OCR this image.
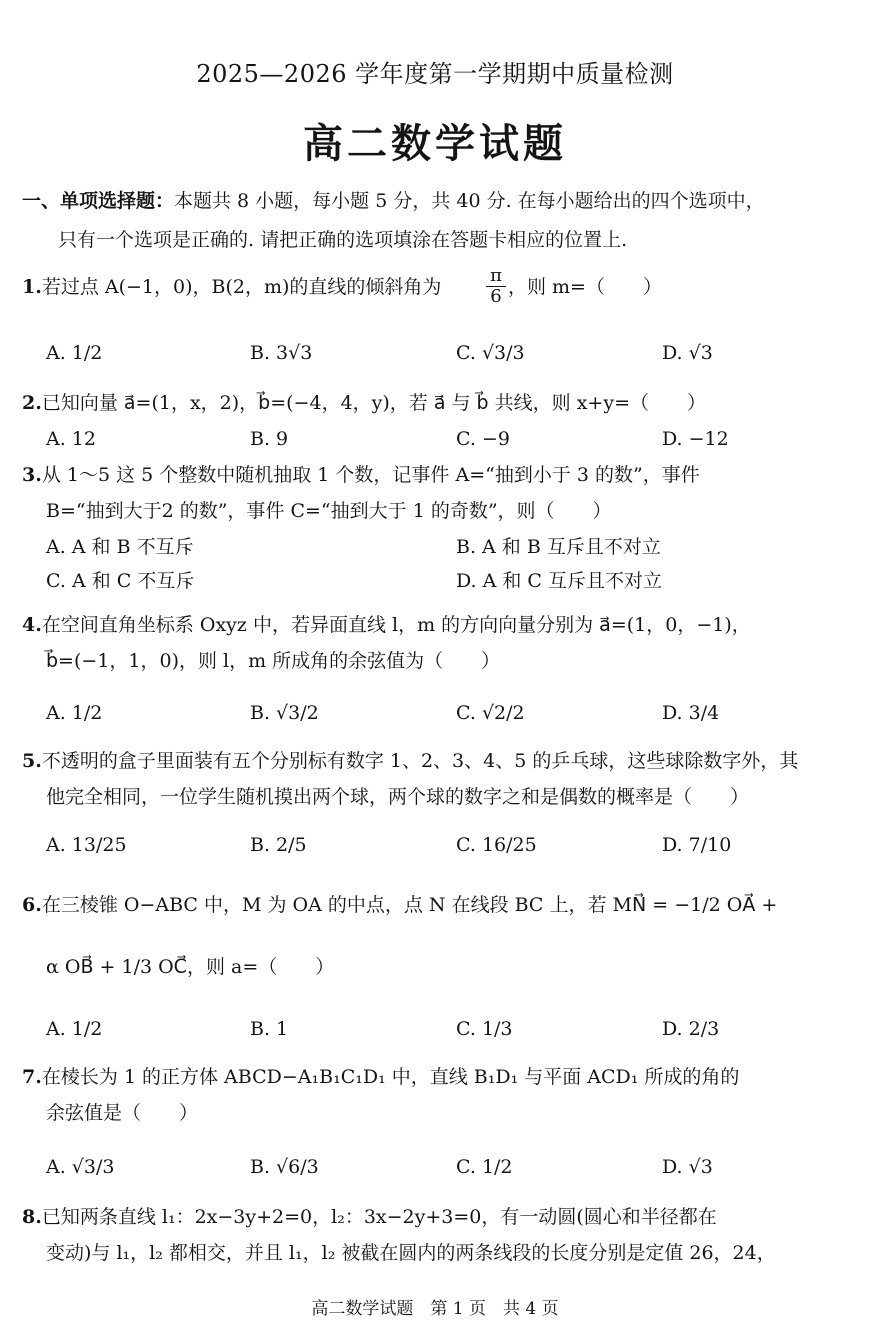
2025—2026 学年度第一学期期中质量检测
高二数学试题
一、单项选择题：本题共 8 小题，每小题 5 分，共 40 分. 在每小题给出的四个选项中，
只有一个选项是正确的. 请把正确的选项填涂在答题卡相应的位置上.
1.若过点 A(−1，0)，B(2，m)的直线的倾斜角为 $\frac{\pi}{6}$ ，则 m=（　　）
A. 1/2	B. 3√3	C. √3/3	D. √3
2.已知向量 a⃗=(1，x，2)，b⃗=(−4，4，y)，若 a⃗ 与 b⃗ 共线，则 x+y=（　　）
A. 12	B. 9	C. −9	D. −12
3.从 1～5 这 5 个整数中随机抽取 1 个数，记事件 A=“抽到小于 3 的数”，事件
B=“抽到大于2 的数”，事件 C=“抽到大于 1 的奇数”，则（　　）
A. A 和 B 不互斥	B. A 和 B 互斥且不对立
C. A 和 C 不互斥	D. A 和 C 互斥且不对立
4.在空间直角坐标系 Oxyz 中，若异面直线 l，m 的方向向量分别为 a⃗=(1，0，−1)，
b⃗=(−1，1，0)，则 l，m 所成角的余弦值为（　　）
A. 1/2	B. √3/2	C. √2/2	D. 3/4
5.不透明的盒子里面装有五个分别标有数字 1、2、3、4、5 的乒乓球，这些球除数字外，其
他完全相同，一位学生随机摸出两个球，两个球的数字之和是偶数的概率是（　　）
A. 13/25	B. 2/5	C. 16/25	D. 7/10
6.在三棱锥 O−ABC 中，M 为 OA 的中点，点 N 在线段 BC 上，若 MN⃗ = −1/2 OA⃗ +
α OB⃗ + 1/3 OC⃗，则 a=（　　）
A. 1/2	B. 1	C. 1/3	D. 2/3
7.在棱长为 1 的正方体 ABCD−A₁B₁C₁D₁ 中，直线 B₁D₁ 与平面 ACD₁ 所成的角的
余弦值是（　　）
A. √3/3	B. √6/3	C. 1/2	D. √3
8.已知两条直线 l₁：2x−3y+2=0，l₂：3x−2y+3=0，有一动圆(圆心和半径都在
变动)与 l₁，l₂ 都相交，并且 l₁，l₂ 被截在圆内的两条线段的长度分别是定值 26，24，
高二数学试题　第 1 页　共 4 页
